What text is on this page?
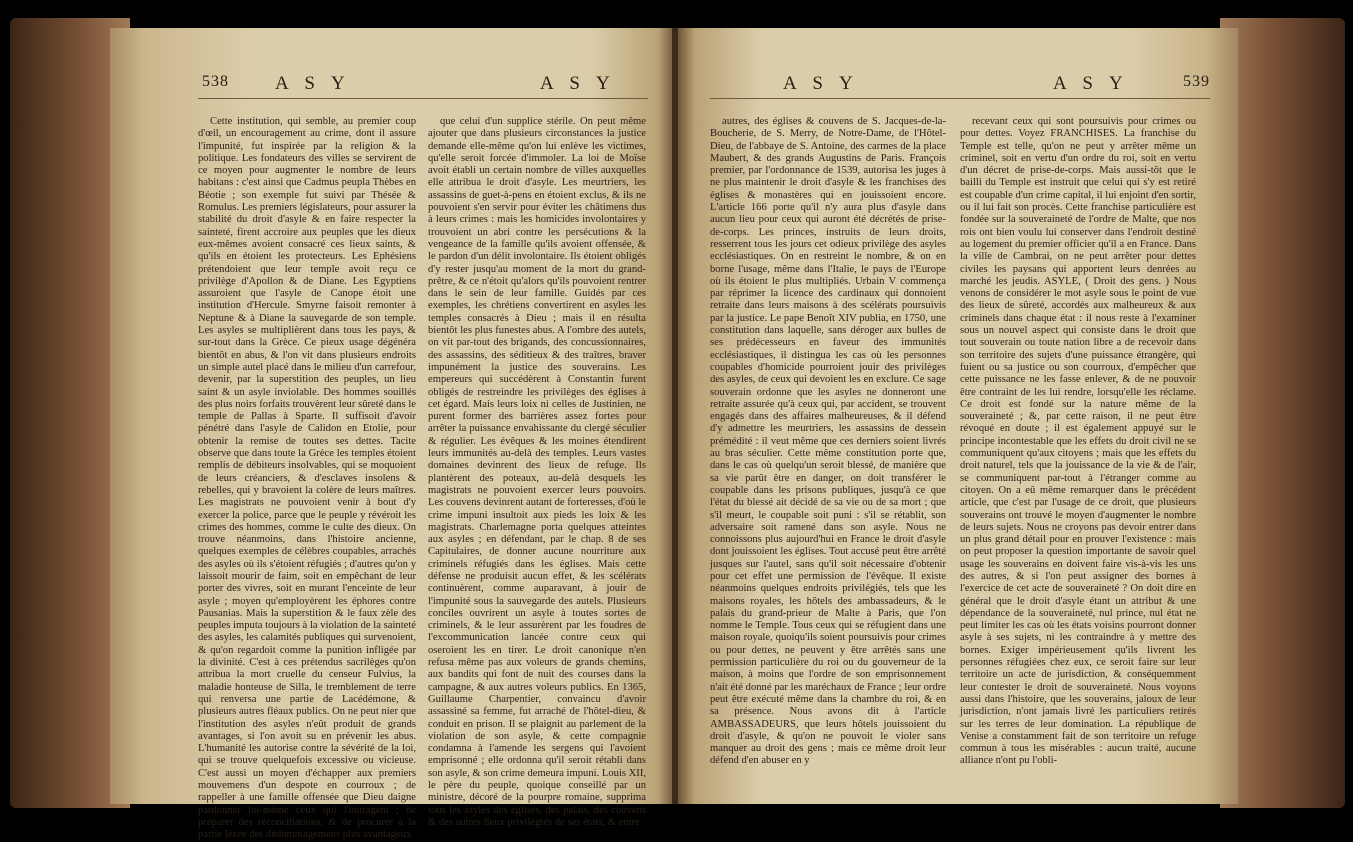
538 A S Y	A S Y

Cette institution, qui semble, au premier coup d'œil, un encouragement au crime, dont il assure l'impunité, fut inspirée par la religion & la politique. Les fondateurs des villes se servirent de ce moyen pour augmenter le nombre de leurs habitans : c'est ainsi que Cadmus peupla Thèbes en Béotie ; son exemple fut suivi par Thésée & Romulus. Les premiers législateurs, pour assurer la stabilité du droit d'asyle & en faire respecter la sainteté, firent accroire aux peuples que les dieux eux-mêmes avoient consacré ces lieux saints, & qu'ils en étoient les protecteurs. Les Ephésiens prétendoient que leur temple avoit reçu ce privilège d'Apollon & de Diane. Les Egyptiens assuroient que l'asyle de Canope étoit une institution d'Hercule. Smyrne faisoit remonter à Neptune & à Diane la sauvegarde de son temple. Les asyles se multiplièrent dans tous les pays, & sur-tout dans la Grèce. Ce pieux usage dégénéra bientôt en abus, & l'on vit dans plusieurs endroits un simple autel placé dans le milieu d'un carrefour, devenir, par la superstition des peuples, un lieu saint & un asyle inviolable. Des hommes souillés des plus noirs forfaits trouvèrent leur sûreté dans le temple de Pallas à Sparte. Il suffisoit d'avoir pénétré dans l'asyle de Calidon en Etolie, pour obtenir la remise de toutes ses dettes. Tacite observe que dans toute la Grèce les temples étoient remplis de débiteurs insolvables, qui se moquoient de leurs créanciers, & d'esclaves insolens & rebelles, qui y bravoient la colère de leurs maîtres. Les magistrats ne pouvoient venir à bout d'y exercer la police, parce que le peuple y révéroit les crimes des hommes, comme le culte des dieux. On trouve néanmoins, dans l'histoire ancienne, quelques exemples de célèbres coupables, arrachés des asyles où ils s'étoient réfugiés ; d'autres qu'on y laissoit mourir de faim, soit en empêchant de leur porter des vivres, soit en murant l'enceinte de leur asyle ; moyen qu'employèrent les éphores contre Pausanias. Mais la superstition & le faux zèle des peuples imputa toujours à la violation de la sainteté des asyles, les calamités publiques qui survenoient, & qu'on regardoit comme la punition infligée par la divinité. C'est à ces prétendus sacrilèges qu'on attribua la mort cruelle du censeur Fulvius, la maladie honteuse de Silla, le tremblement de terre qui renversa une partie de Lacédémone, & plusieurs autres fléaux publics. On ne peut nier que l'institution des asyles n'eût produit de grands avantages, si l'on avoit su en prévenir les abus. L'humanité les autorise contre la sévérité de la loi, qui se trouve quelquefois excessive ou vicieuse. C'est aussi un moyen d'échapper aux premiers mouvemens d'un despote en courroux ; de rappeller à une famille offensée que Dieu daigne pardonner lui-même ceux qui l'outragent ; de préparer des réconciliations, & de procurer à la partie lézée des dédommagemens plus avantageux

que celui d'un supplice stérile. On peut même ajouter que dans plusieurs circonstances la justice demande elle-même qu'on lui enlève les victimes, qu'elle seroit forcée d'immoler. La loi de Moïse avoit établi un certain nombre de villes auxquelles elle attribua le droit d'asyle. Les meurtriers, les assassins de guet-à-pens en étoient exclus, & ils ne pouvoient s'en servir pour éviter les châtimens dus à leurs crimes : mais les homicides involontaires y trouvoient un abri contre les persécutions & la vengeance de la famille qu'ils avoient offensée, & le pardon d'un délit involontaire. Ils étoient obligés d'y rester jusqu'au moment de la mort du grand-prêtre, & ce n'étoit qu'alors qu'ils pouvoient rentrer dans le sein de leur famille. Guidés par ces exemples, les chrétiens convertirent en asyles les temples consacrés à Dieu ; mais il en résulta bientôt les plus funestes abus. A l'ombre des autels, on vit par-tout des brigands, des concussionnaires, des assassins, des séditieux & des traîtres, braver impunément la justice des souverains. Les empereurs qui succédèrent à Constantin furent obligés de restreindre les privilèges des églises à cet égard. Mais leurs loix ni celles de Justinien, ne purent former des barrières assez fortes pour arrêter la puissance envahissante du clergé séculier & régulier. Les évêques & les moines étendirent leurs immunités au-delà des temples. Leurs vastes domaines devinrent des lieux de refuge. Ils plantèrent des poteaux, au-delà desquels les magistrats ne pouvoient exercer leurs pouvoirs. Les couvens devinrent autant de forteresses, d'où le crime impuni insultoit aux pieds les loix & les magistrats. Charlemagne porta quelques atteintes aux asyles ; en défendant, par le chap. 8 de ses Capitulaires, de donner aucune nourriture aux criminels réfugiés dans les églises. Mais cette défense ne produisit aucun effet, & les scélérats continuèrent, comme auparavant, à jouir de l'impunité sous la sauvegarde des autels. Plusieurs conciles ouvrirent un asyle à toutes sortes de criminels, & le leur assurèrent par les foudres de l'excommunication lancée contre ceux qui oseroient les en tirer. Le droit canonique n'en refusa même pas aux voleurs de grands chemins, aux bandits qui font de nuit des courses dans la campagne, & aux autres voleurs publics. En 1365, Guillaume Charpentier, convaincu d'avoir assassiné sa femme, fut arraché de l'hôtel-dieu, & conduit en prison. Il se plaignit au parlement de la violation de son asyle, & cette compagnie condamna à l'amende les sergens qui l'avoient emprisonné ; elle ordonna qu'il seroit rétabli dans son asyle, & son crime demeura impuni. Louis XII, le père du peuple, quoique conseillé par un ministre, décoré de la pourpre romaine, supprima tous les asyles des églises, des palais, des couvens & des autres lieux privilégiés de ses états, & entre

A S Y	A S Y	539

autres, des églises & couvens de S. Jacques-de-la-Boucherie, de S. Merry, de Notre-Dame, de l'Hôtel-Dieu, de l'abbaye de S. Antoine, des carmes de la place Maubert, & des grands Augustins de Paris. François premier, par l'ordonnance de 1539, autorisa les juges à ne plus maintenir le droit d'asyle & les franchises des églises & monastères qui en jouissoient encore. L'article 166 porte qu'il n'y aura plus d'asyle dans aucun lieu pour ceux qui auront été décrétés de prise-de-corps. Les princes, instruits de leurs droits, resserrent tous les jours cet odieux privilège des asyles ecclésiastiques. On en restreint le nombre, & on en borne l'usage, même dans l'Italie, le pays de l'Europe où ils étoient le plus multipliés. Urbain V commença par réprimer la licence des cardinaux qui donnoient retraite dans leurs maisons à des scélérats poursuivis par la justice. Le pape Benoît XIV publia, en 1750, une constitution dans laquelle, sans déroger aux bulles de ses prédécesseurs en faveur des immunités ecclésiastiques, il distingua les cas où les personnes coupables d'homicide pourroient jouir des privilèges des asyles, de ceux qui devoient les en exclure. Ce sage souverain ordonne que les asyles ne donneront une retraite assurée qu'à ceux qui, par accident, se trouvent engagés dans des affaires malheureuses, & il défend d'y admettre les meurtriers, les assassins de dessein prémédité : il veut même que ces derniers soient livrés au bras séculier. Cette même constitution porte que, dans le cas où quelqu'un seroit blessé, de manière que sa vie parût être en danger, on doit transférer le coupable dans les prisons publiques, jusqu'à ce que l'état du blessé ait décidé de sa vie ou de sa mort ; que s'il meurt, le coupable soit puni : s'il se rétablit, son adversaire soit ramené dans son asyle. Nous ne connoissons plus aujourd'hui en France le droit d'asyle dont jouissoient les églises. Tout accusé peut être arrêté jusques sur l'autel, sans qu'il soit nécessaire d'obtenir pour cet effet une permission de l'évêque. Il existe néanmoins quelques endroits privilégiés, tels que les maisons royales, les hôtels des ambassadeurs, & le palais du grand-prieur de Malte à Paris, que l'on nomme le Temple. Tous ceux qui se réfugient dans une maison royale, quoiqu'ils soient poursuivis pour crimes ou pour dettes, ne peuvent y être arrêtés sans une permission particulière du roi ou du gouverneur de la maison, à moins que l'ordre de son emprisonnement n'ait été donné par les maréchaux de France ; leur ordre peut être exécuté même dans la chambre du roi, & en sa présence. Nous avons dit à l'article AMBASSADEURS, que leurs hôtels jouissoient du droit d'asyle, & qu'on ne pouvoit le violer sans manquer au droit des gens ; mais ce même droit leur défend d'en abuser en y

recevant ceux qui sont poursuivis pour crimes ou pour dettes. Voyez FRANCHISES. La franchise du Temple est telle, qu'on ne peut y arrêter même un criminel, soit en vertu d'un ordre du roi, soit en vertu d'un décret de prise-de-corps. Mais aussi-tôt que le bailli du Temple est instruit que celui qui s'y est retiré est coupable d'un crime capital, il lui enjoint d'en sortir, ou il lui fait son procès. Cette franchise particulière est fondée sur la souveraineté de l'ordre de Malte, que nos rois ont bien voulu lui conserver dans l'endroit destiné au logement du premier officier qu'il a en France. Dans la ville de Cambrai, on ne peut arrêter pour dettes civiles les paysans qui apportent leurs denrées au marché les jeudis. ASYLE, ( Droit des gens. ) Nous venons de considérer le mot asyle sous le point de vue des lieux de sûreté, accordés aux malheureux & aux criminels dans chaque état : il nous reste à l'examiner sous un nouvel aspect qui consiste dans le droit que tout souverain ou toute nation libre a de recevoir dans son territoire des sujets d'une puissance étrangère, qui fuient ou sa justice ou son courroux, d'empêcher que cette puissance ne les fasse enlever, & de ne pouvoir être contraint de les lui rendre, lorsqu'elle les réclame. Ce droit est fondé sur la nature même de la souveraineté ; &, par cette raison, il ne peut être révoqué en doute ; il est également appuyé sur le principe incontestable que les effets du droit civil ne se communiquent qu'aux citoyens ; mais que les effets du droit naturel, tels que la jouissance de la vie & de l'air, se communiquent par-tout à l'étranger comme au citoyen. On a eû même remarquer dans le précédent article, que c'est par l'usage de ce droit, que plusieurs souverains ont trouvé le moyen d'augmenter le nombre de leurs sujets. Nous ne croyons pas devoir entrer dans un plus grand détail pour en prouver l'existence : mais on peut proposer la question importante de savoir quel usage les souverains en doivent faire vis-à-vis les uns des autres, & si l'on peut assigner des bornes à l'exercice de cet acte de souveraineté ? On doit dire en général que le droit d'asyle étant un attribut & une dépendance de la souveraineté, nul prince, nul état ne peut limiter les cas où les états voisins pourront donner asyle à ses sujets, ni les contraindre à y mettre des bornes. Exiger impérieusement qu'ils livrent les personnes réfugiées chez eux, ce seroit faire sur leur territoire un acte de jurisdiction, & conséquemment leur contester le droit de souveraineté. Nous voyons aussi dans l'histoire, que les souverains, jaloux de leur jurisdiction, n'ont jamais livré les particuliers retirés sur les terres de leur domination. La république de Venise a constamment fait de son territoire un refuge commun à tous les misérables : aucun traité, aucune alliance n'ont pu l'obli-
